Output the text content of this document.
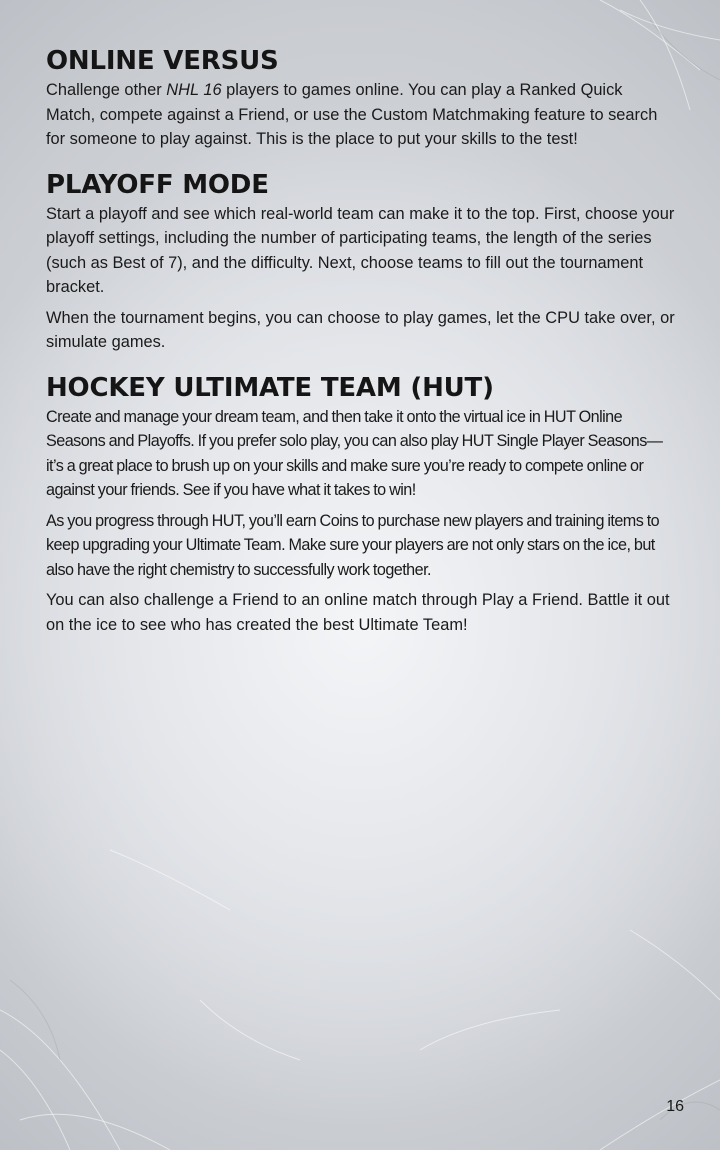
ONLINE VERSUS

Challenge other NHL 16 players to games online. You can play a Ranked Quick Match, compete against a Friend, or use the Custom Matchmaking feature to search for someone to play against. This is the place to put your skills to the test!

PLAYOFF MODE

Start a playoff and see which real-world team can make it to the top. First, choose your playoff settings, including the number of participating teams, the length of the series (such as Best of 7), and the difficulty. Next, choose teams to fill out the tournament bracket.

When the tournament begins, you can choose to play games, let the CPU take over, or simulate games.

HOCKEY ULTIMATE TEAM (HUT)

Create and manage your dream team, and then take it onto the virtual ice in HUT Online Seasons and Playoffs. If you prefer solo play, you can also play HUT Single Player Seasons—it’s a great place to brush up on your skills and make sure you’re ready to compete online or against your friends. See if you have what it takes to win!

As you progress through HUT, you’ll earn Coins to purchase new players and training items to keep upgrading your Ultimate Team. Make sure your players are not only stars on the ice, but also have the right chemistry to successfully work together.

You can also challenge a Friend to an online match through Play a Friend. Battle it out on the ice to see who has created the best Ultimate Team!

16
